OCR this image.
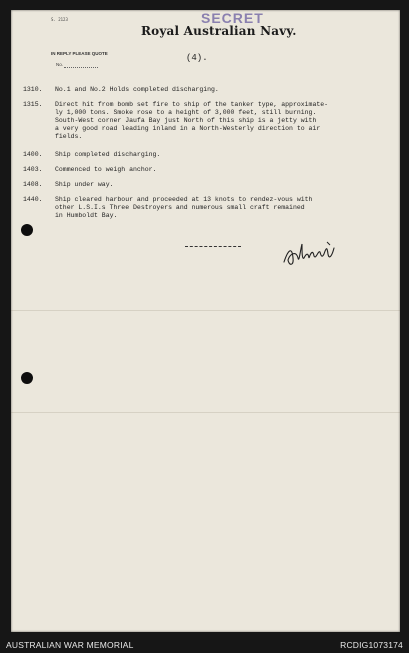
SECRET
S. 2123
Royal Australian Navy.
IN REPLY PLEASE QUOTE
No.
(4).
1310.	No.1 and No.2 Holds completed discharging.
1315.	Direct hit from bomb set fire to ship of the tanker type, approximate-
ly 1,000 tons. Smoke rose to a height of 3,000 feet, still burning.
South-West corner Jaufa Bay just North of this ship is a jetty with
a very good road leading inland in a North-Westerly direction to air
fields.
1400.	Ship completed discharging.
1403.	Commenced to weigh anchor.
1408.	Ship under way.
1440.	Ship cleared harbour and proceeded at 13 knots to rendez-vous with
other L.S.I.s Three Destroyers and numerous small craft remained
in Humboldt Bay.
AUSTRALIAN WAR MEMORIAL	RCDIG1073174
